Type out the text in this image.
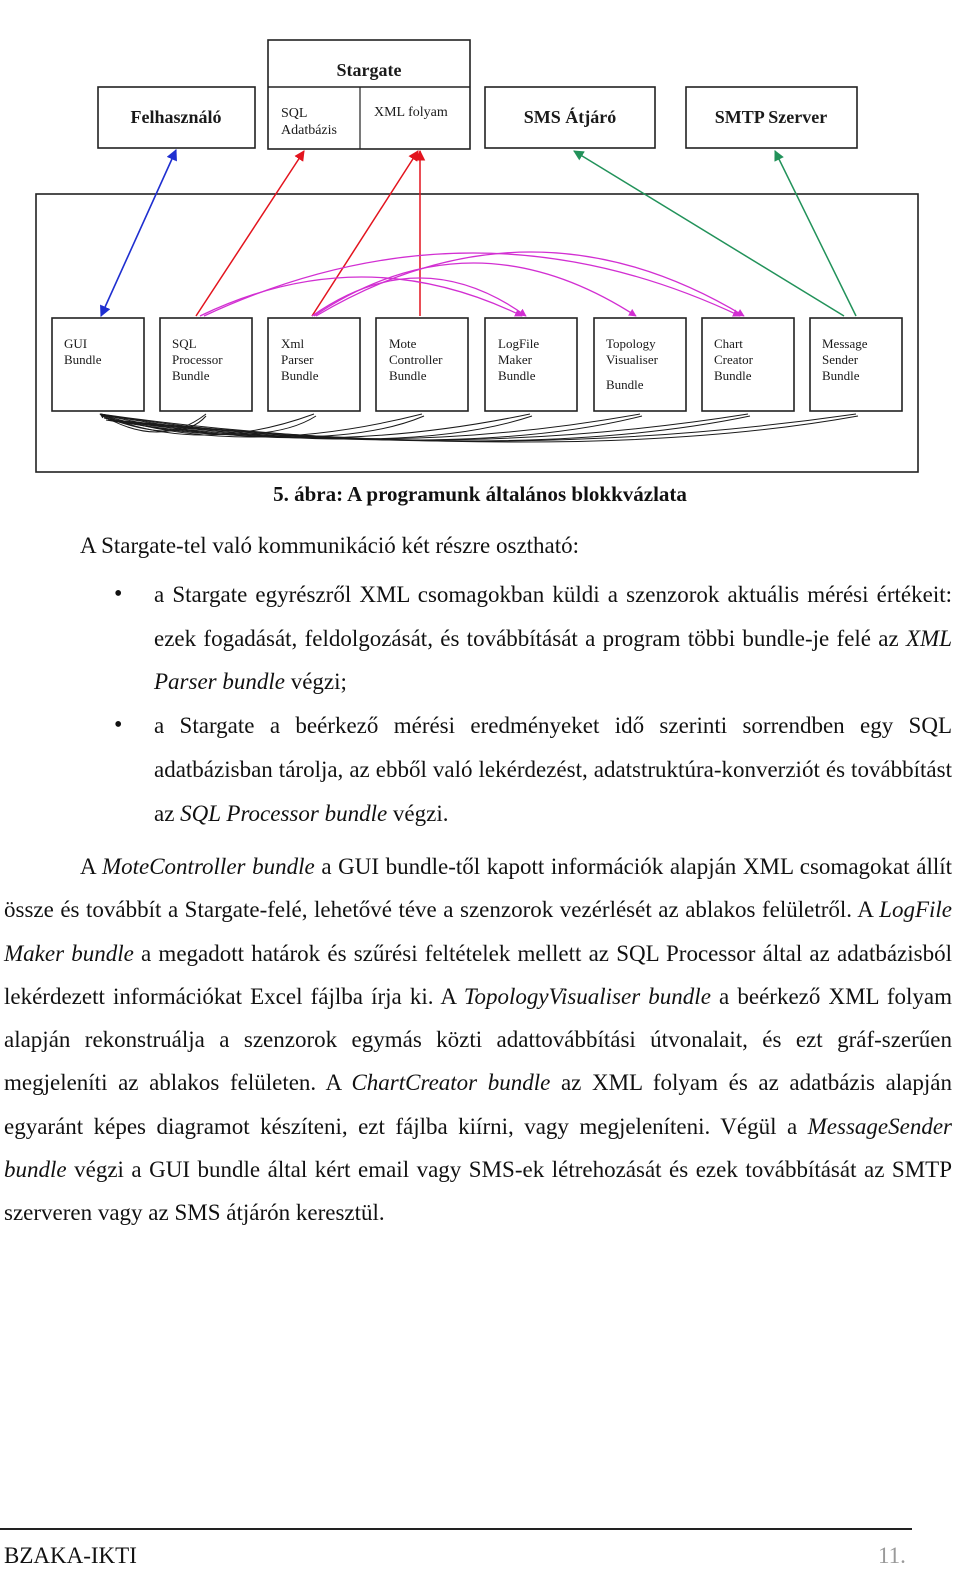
Felhasználó
Stargate
SQL
Adatbázis
XML folyam	SMS Átjáró	SMTP Szerver
GUI
Bundle
SQL
Processor
Bundle
Xml
Parser
Bundle
Mote
Controller
Bundle
LogFile
Maker
Bundle
Topology
Visualiser
Bundle
Chart
Creator
Bundle
Message
Sender
Bundle
5. ábra: A programunk általános blokkvázlata
A Stargate-tel való kommunikáció két részre osztható:
• a Stargate egyrészről XML csomagokban küldi a szenzorok aktuális mérési értékeit: ezek fogadását, feldolgozását, és továbbítását a program többi bundle-je felé az XML Parser bundle végzi;
• a Stargate a beérkező mérési eredményeket idő szerinti sorrendben egy SQL adatbázisban tárolja, az ebből való lekérdezést, adatstruktúra-konverziót és továbbítást az SQL Processor bundle végzi.

A MoteController bundle a GUI bundle-től kapott információk alapján XML csomagokat állít össze és továbbít a Stargate-felé, lehetővé téve a szenzorok vezérlését az ablakos felületről. A LogFile Maker bundle a megadott határok és szűrési feltételek mellett az SQL Processor által az adatbázisból lekérdezett információkat Excel fájlba írja ki. A TopologyVisualiser bundle a beérkező XML folyam alapján rekonstruálja a szenzorok egymás közti adattovábbítási útvonalait, és ezt gráf-szerűen megjeleníti az ablakos felületen. A ChartCreator bundle az XML folyam és az adatbázis alapján egyaránt képes diagramot készíteni, ezt fájlba kiírni, vagy megjeleníteni. Végül a MessageSender bundle végzi a GUI bundle által kért email vagy SMS-ek létrehozását és ezek továbbítását az SMTP szerveren vagy az SMS átjárón keresztül.

BZAKA-IKTI	11.
